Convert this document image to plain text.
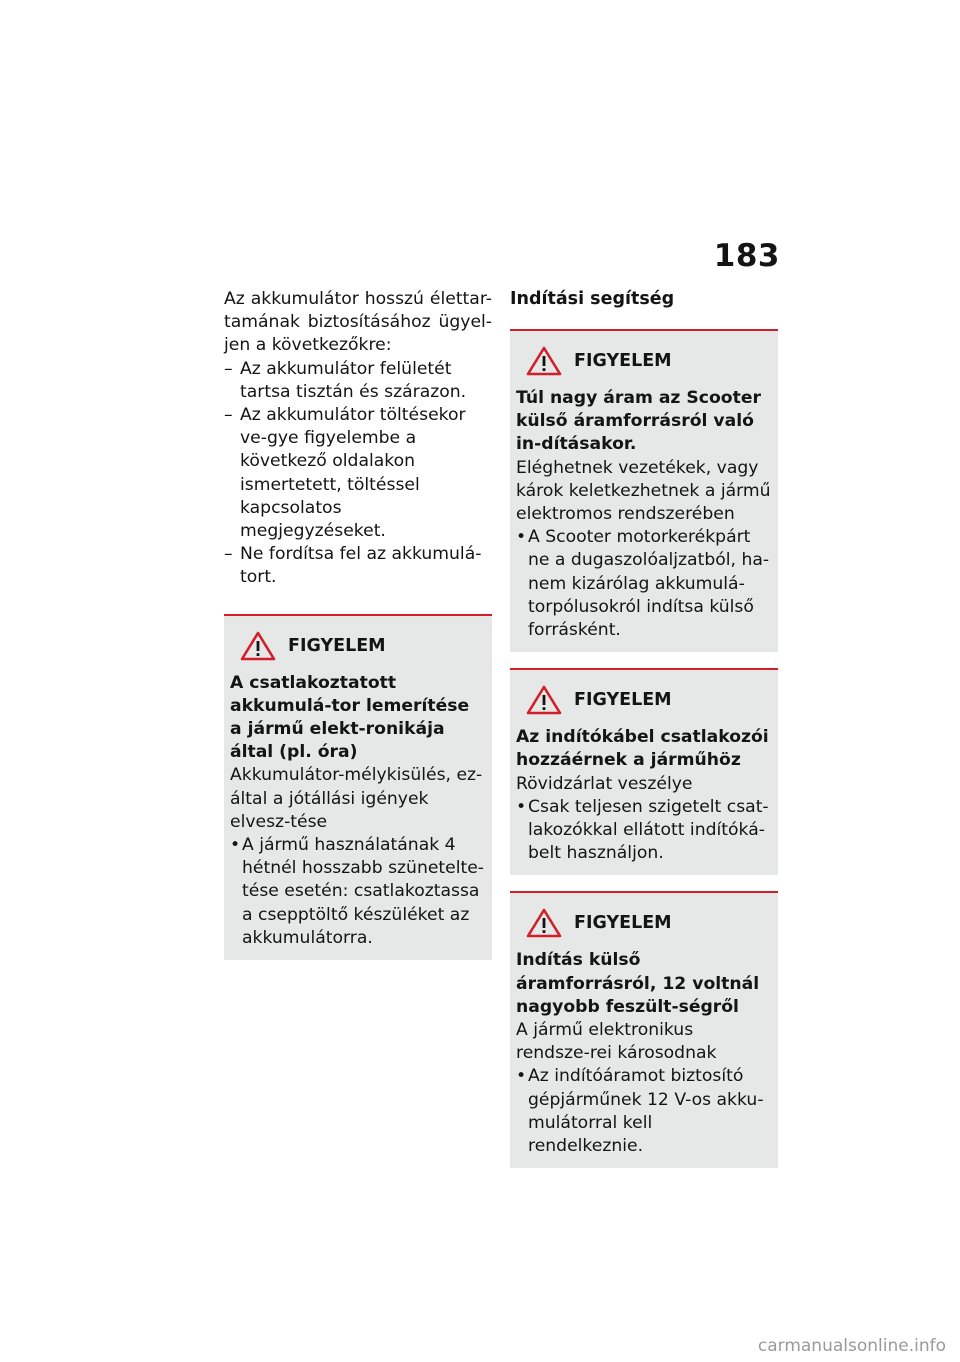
183
Az akkumulátor hosszú élettar-tamának biztosításához ügyel-jen a következőkre:
– Az akkumulátor felületét tartsa tisztán és szárazon.
– Az akkumulátor töltésekor ve-gye figyelembe a következő oldalakon ismertetett, töltéssel kapcsolatos megjegyzéseket.
– Ne fordítsa fel az akkumulá-tort.
FIGYELEM
A csatlakoztatott akkumulá-tor lemerítése a jármű elekt-ronikája által (pl. óra)
Akkumulátor-mélykisülés, ez-által a jótállási igények elvesz-tése
• A jármű használatának 4 hétnél hosszabb szünetelte-tése esetén: csatlakoztassa a csepptöltő készüléket az akkumulátorra.
Indítási segítség
FIGYELEM
Túl nagy áram az Scooter külső áramforrásról való in-dításakor.
Eléghetnek vezetékek, vagy károk keletkezhetnek a jármű elektromos rendszerében
• A Scooter motorkerékpárt ne a dugaszolóaljzatból, ha-nem kizárólag akkumulá-torpólusokról indítsa külső forrásként.
FIGYELEM
Az indítókábel csatlakozói hozzáérnek a járműhöz
Rövidzárlat veszélye
• Csak teljesen szigetelt csat-lakozókkal ellátott indítóká-belt használjon.
FIGYELEM
Indítás külső áramforrásról, 12 voltnál nagyobb feszült-ségről
A jármű elektronikus rendsze-rei károsodnak
• Az indítóáramot biztosító gépjárműnek 12 V-os akku-mulátorral kell rendelkeznie.
carmanualsonline.info
